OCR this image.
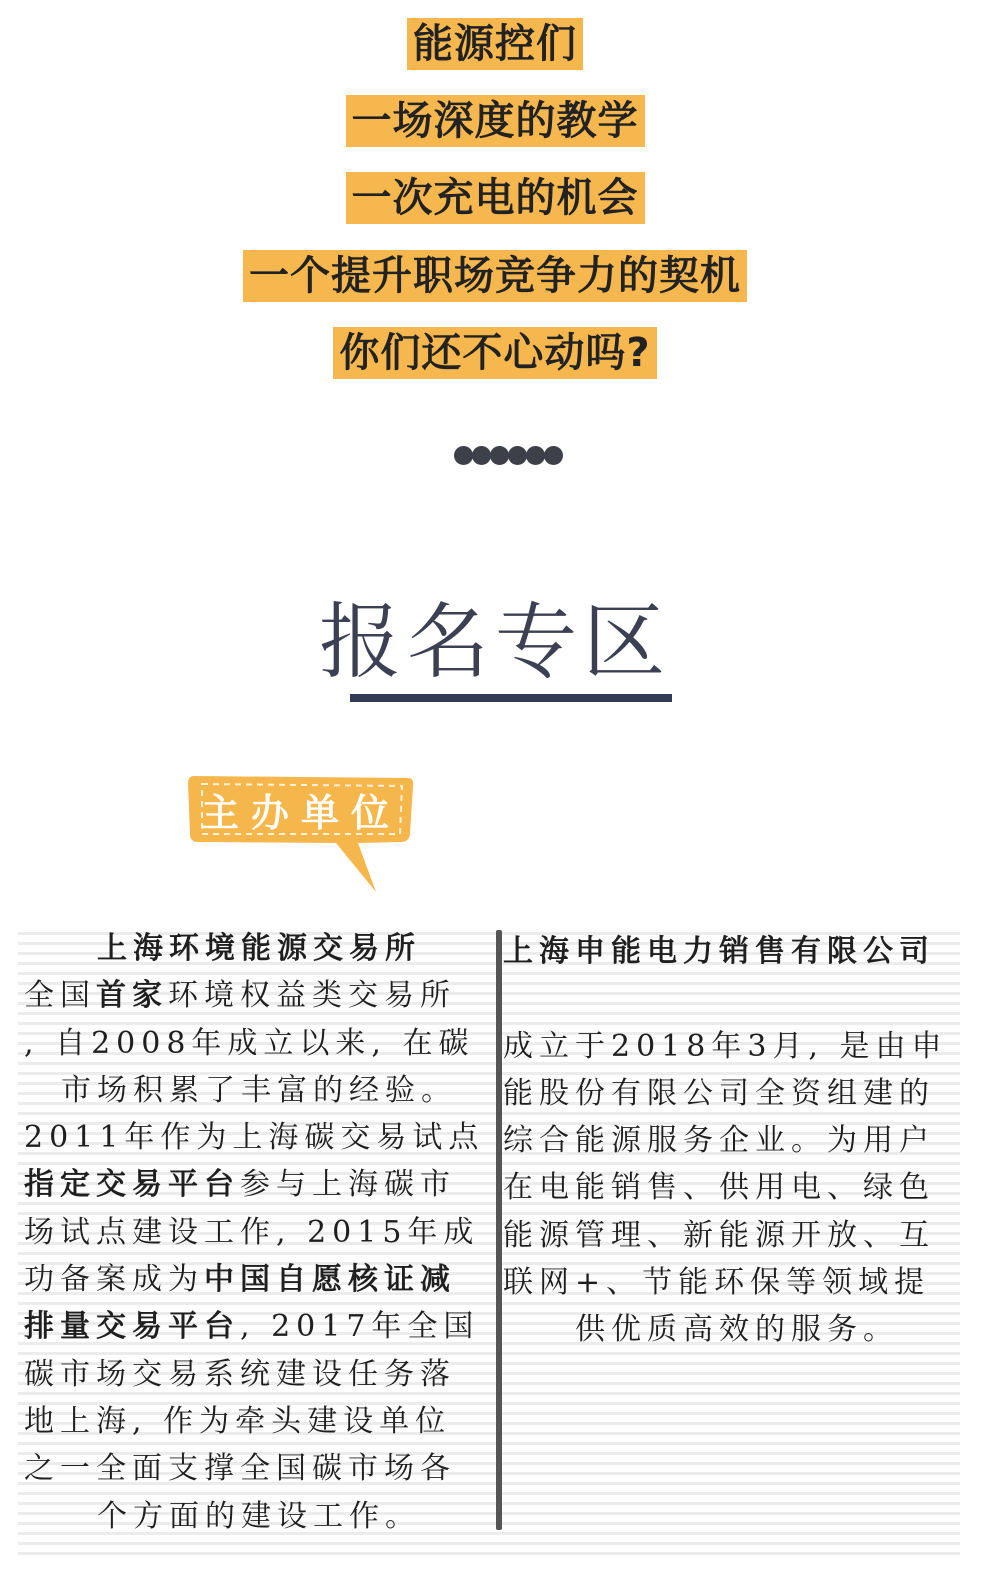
能源控们
一场深度的教学
一次充电的机会
一个提升职场竞争力的契机
你们还不心动吗?
报名专区
主办单位
上海环境能源交易所
全国首家环境权益类交易所
, 自2008年成立以来, 在碳
市场积累了丰富的经验。
2011年作为上海碳交易试点
指定交易平台参与上海碳市
场试点建设工作, 2015年成
功备案成为中国自愿核证减
排量交易平台, 2017年全国
碳市场交易系统建设任务落
地上海, 作为牵头建设单位
之一全面支撑全国碳市场各
个方面的建设工作。
上海申能电力销售有限公司

成立于2018年3月, 是由申
能股份有限公司全资组建的
综合能源服务企业。为用户
在电能销售、供用电、绿色
能源管理、新能源开放、互
联网+、节能环保等领域提
供优质高效的服务。
